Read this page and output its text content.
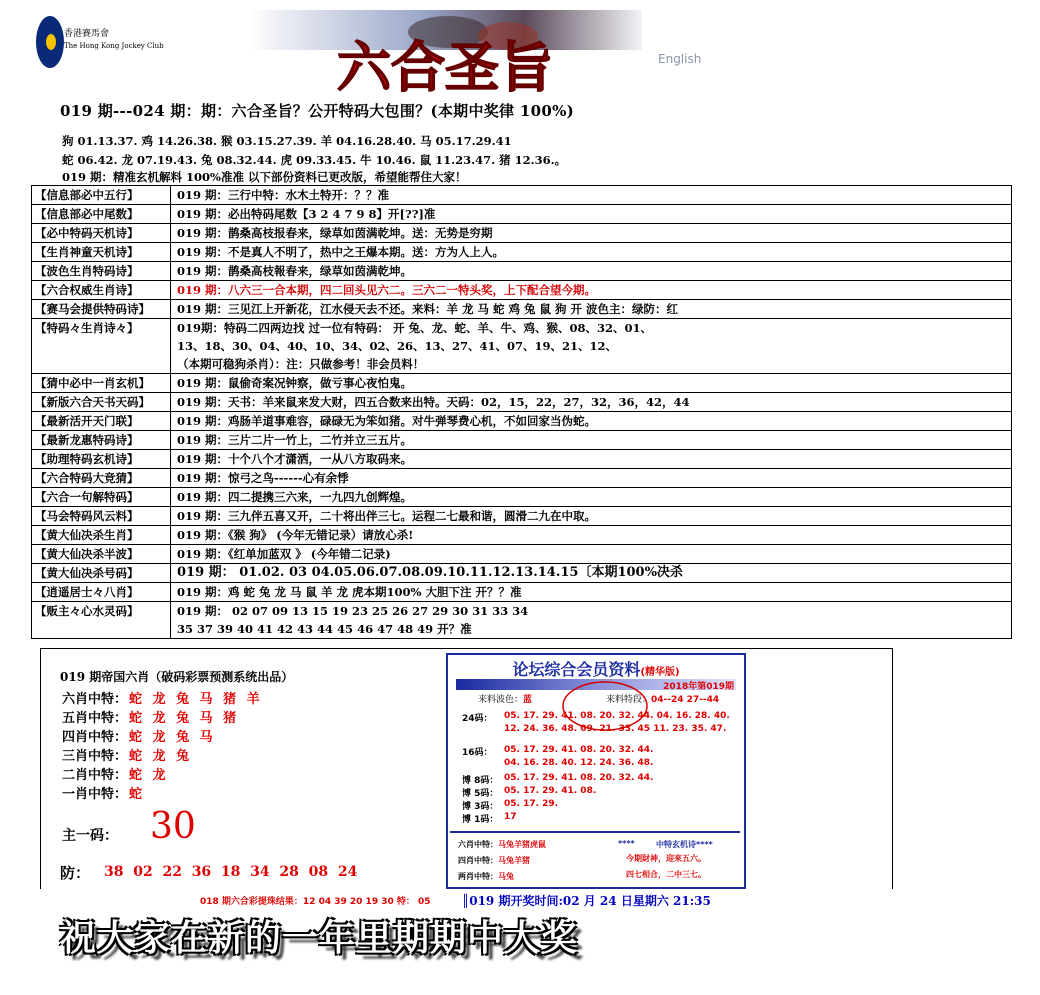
香港賽馬會
The Hong Kong Jockey Club	六合圣旨	English
019 期---024 期：期：六合圣旨？公开特码大包围？(本期中奖律 100%)
狗 01.13.37. 鸡 14.26.38. 猴 03.15.27.39. 羊 04.16.28.40. 马 05.17.29.41
蛇 06.42. 龙 07.19.43. 兔 08.32.44. 虎 09.33.45. 牛 10.46. 鼠 11.23.47. 猪 12.36.。
019 期：精准玄机解料 100%准准 以下部份资料已更改版，希望能帮住大家！
【信息部必中五行】	019 期：三行中特：水木土特开：？？准

【信息部必中尾数】	019 期：必出特码尾数【3 2 4 7 9 8】开[??]准

【必中特码天机诗】	019 期：鹊桑高枝报春来，绿草如茵满乾坤。送：无势是穷期

【生肖神童天机诗】	019 期：不是真人不明了，热中之王爆本期。送：方为人上人。

【波色生肖特码诗】	019 期：鹊桑高枝報春来，绿草如茵满乾坤。

【六合权威生肖诗】	019 期：八六三一合本期，四二回头见六二。三六二一特头奖，上下配合望今期。

【赛马会提供特码诗】	019 期：三见江上开新花，江水侵天去不还。来料：羊 龙 马 蛇 鸡 兔 鼠 狗 开 波色主：绿防：红

【特码々生肖诗々】	019期：特码二四两边找 过一位有特码： 开 兔、龙、蛇、羊、牛、鸡、猴、08、32、01、
13、18、30、04、40、10、34、02、26、13、27、41、07、19、21、12、
（本期可稳狗杀肖）：注：只做参考！非会员料！

【猜中必中一肖玄机】	019 期：鼠偷奇案况钟察，做亏事心夜怕鬼。

【新版六合天书天码】	019 期：天书：羊来鼠来发大财，四五合数来出特。天码：02，15，22，27，32，36，42，44

【最新活开天门联】	019 期：鸡肠羊道事难容，碌碌无为笨如猪。对牛弹琴费心机，不如回家当伪蛇。

【最新龙惠特码诗】	019 期：三片二片一竹上，二竹并立三五片。

【助理特码玄机诗】	019 期：十个八个才潇洒，一从八方取码来。

【六合特码大竞猜】	019 期：惊弓之鸟------心有余悸

【六合一句解特码】	019 期：四二提携三六来，一九四九创辉煌。

【马会特码风云料】	019 期：三九伴五喜又开，二十将出伴三七。运程二七最和谐，圆滑二九在中取。

【黄大仙决杀生肖】	019 期：《猴 狗》 (今年无错记录）请放心杀!

【黄大仙决杀半波】	019 期：《红单加蓝双 》 (今年错二记录)

【黄大仙决杀号码】	019 期： 01.02. 03 04.05.06.07.08.09.10.11.12.13.14.15〔本期100%决杀

【逍遥居士々八肖】	019 期：鸡 蛇 兔 龙 马 鼠 羊 龙 虎本期100% 大胆下注 开？？准

【贩主々心水灵码】	019 期： 02 07 09 13 15 19 23 25 26 27 29 30 31 33 34
35 37 39 40 41 42 43 44 45 46 47 48 49 开？准
019 期帝国六肖（破码彩票预测系统出品）
六肖中特： 蛇 龙 兔 马 猪 羊
五肖中特： 蛇 龙 兔 马 猪
四肖中特： 蛇 龙 兔 马
三肖中特： 蛇 龙 兔
二肖中特： 蛇 龙
一肖中特： 蛇
主一码： 30
防： 38  02  22  36  18  34  28  08  24
018 期六合彩提珠结果：12 04 39 20 19 30 特： 05	║019 期开奖时间:02 月 24 日星期六 21:35
论坛综合会员资料(精华版)
2018年第019期
来料波色：蓝	来料特段：04--24 27--44
24码： 05. 17. 29. 41. 08. 20. 32. 44. 04. 16. 28. 40.
12. 24. 36. 48. 09. 21. 33. 45 11. 23. 35. 47.
16码： 05. 17. 29. 41. 08. 20. 32. 44.
04. 16. 28. 40. 12. 24. 36. 48.
博 8码： 05. 17. 29. 41. 08. 20. 32. 44.
博 5码： 05. 17. 29. 41. 08.
博 3码： 05. 17. 29.
博 1码： 17
六肖中特：马兔羊猪虎鼠	****	中特玄机诗****
四肖中特：马兔羊猪	今期財神，迎來五六。
两肖中特：马兔	四七相合，二中三七。
祝大家在新的一年里期期中大奖
